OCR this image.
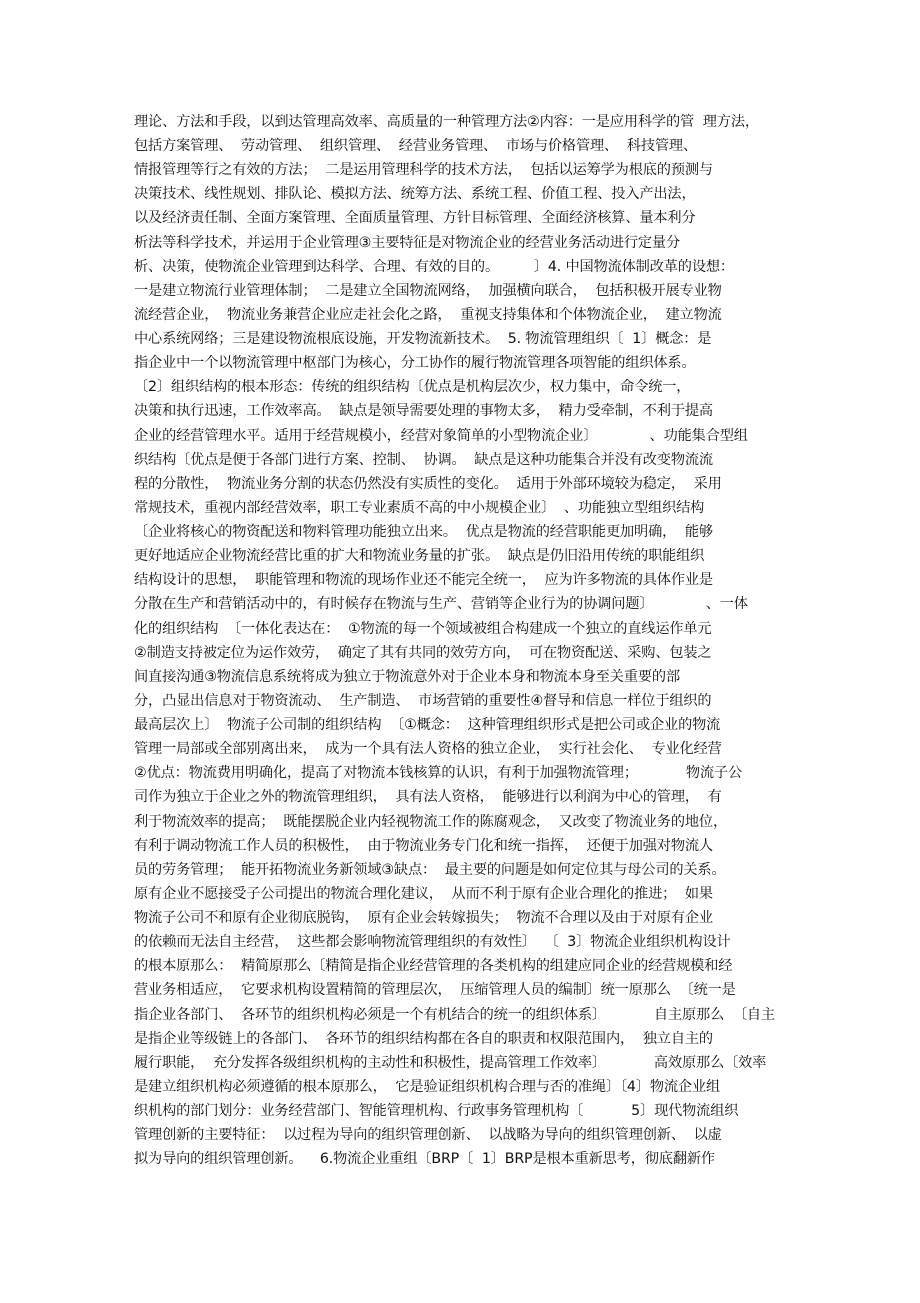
理论、方法和手段，以到达管理高效率、高质量的一种管理方法②内容：一是应用科学的管  理方法，
包括方案管理、  劳动管理、  组织管理、  经营业务管理、  市场与价格管理、  科技管理、
情报管理等行之有效的方法；  二是运用管理科学的技术方法，  包括以运筹学为根底的预测与
决策技术、线性规划、排队论、模拟方法、统筹方法、系统工程、价值工程、投入产出法，
以及经济责任制、全面方案管理、全面质量管理、方针目标管理、全面经济核算、量本利分
析法等科学技术，并运用于企业管理③主要特征是对物流企业的经营业务活动进行定量分
析、决策，使物流企业管理到达科学、合理、有效的目的。        〕4. 中国物流体制改革的设想：
一是建立物流行业管理体制；  二是建立全国物流网络，  加强横向联合，  包括积极开展专业物
流经营企业，  物流业务兼营企业应走社会化之路，  重视支持集体和个体物流企业，  建立物流
中心系统网络；三是建设物流根底设施，开发物流新技术。  5. 物流管理组织〔  1〕概念：是
指企业中一个以物流管理中枢部门为核心，分工协作的履行物流管理各项智能的组织体系。
〔2〕组织结构的根本形态：传统的组织结构〔优点是机构层次少，权力集中，命令统一，
决策和执行迅速，工作效率高。  缺点是领导需要处理的事物太多，  精力受牵制，不利于提高
企业的经营管理水平。适用于经营规模小，经营对象简单的小型物流企业〕            、功能集合型组
织结构〔优点是便于各部门进行方案、控制、  协调。  缺点是这种功能集合并没有改变物流流
程的分散性，  物流业务分割的状态仍然没有实质性的变化。  适用于外部环境较为稳定，  采用
常规技术，重视内部经营效率，职工专业素质不高的中小规模企业〕  、功能独立型组织结构
〔企业将核心的物资配送和物料管理功能独立出来。  优点是物流的经营职能更加明确，  能够
更好地适应企业物流经营比重的扩大和物流业务量的扩张。  缺点是仍旧沿用传统的职能组织
结构设计的思想，  职能管理和物流的现场作业还不能完全统一，  应为许多物流的具体作业是
分散在生产和营销活动中的，有时候存在物流与生产、营销等企业行为的协调问题〕            、一体
化的组织结构  〔一体化表达在：  ①物流的每一个领域被组合构建成一个独立的直线运作单元
②制造支持被定位为运作效劳，  确定了其有共同的效劳方向，  可在物资配送、采购、包装之
间直接沟通③物流信息系统将成为独立于物流意外对于企业本身和物流本身至关重要的部
分，凸显出信息对于物资流动、  生产制造、  市场营销的重要性④督导和信息一样位于组织的
最高层次上〕  物流子公司制的组织结构  〔①概念：  这种管理组织形式是把公司或企业的物流
管理一局部或全部别离出来，  成为一个具有法人资格的独立企业，  实行社会化、  专业化经营
②优点：物流费用明确化，提高了对物流本钱核算的认识，有利于加强物流管理；           物流子公
司作为独立于企业之外的物流管理组织，  具有法人资格，  能够进行以利润为中心的管理，  有
利于物流效率的提高；  既能摆脱企业内轻视物流工作的陈腐观念，  又改变了物流业务的地位，
有利于调动物流工作人员的积极性，  由于物流业务专门化和统一指挥，  还便于加强对物流人
员的劳务管理；  能开拓物流业务新领域③缺点：  最主要的问题是如何定位其与母公司的关系。
原有企业不愿接受子公司提出的物流合理化建议，  从而不利于原有企业合理化的推进；  如果
物流子公司不和原有企业彻底脱钩，  原有企业会转嫁损失；  物流不合理以及由于对原有企业
的依赖而无法自主经营，  这些都会影响物流管理组织的有效性〕  〔  3〕物流企业组织机构设计
的根本原那么：  精简原那么〔精简是指企业经营管理的各类机构的组建应同企业的经营规模和经
营业务相适应，  它要求机构设置精简的管理层次，  压缩管理人员的编制〕统一原那么  〔统一是
指企业各部门、  各环节的组织机构必须是一个有机结合的统一的组织体系〕           自主原那么  〔自主
是指企业等级链上的各部门、  各环节的组织结构都在各自的职责和权限范围内，  独立自主的
履行职能，  充分发挥各级组织机构的主动性和积极性，提高管理工作效率〕           高效原那么〔效率
是建立组织机构必须遵循的根本原那么，  它是验证组织机构合理与否的准绳〕〔4〕物流企业组
织机构的部门划分：业务经营部门、智能管理机构、行政事务管理机构〔           5〕现代物流组织
管理创新的主要特征：  以过程为导向的组织管理创新、  以战略为导向的组织管理创新、  以虚
拟为导向的组织管理创新。    6.物流企业重组〔BRP〔  1〕BRP是根本重新思考，彻底翻新作
